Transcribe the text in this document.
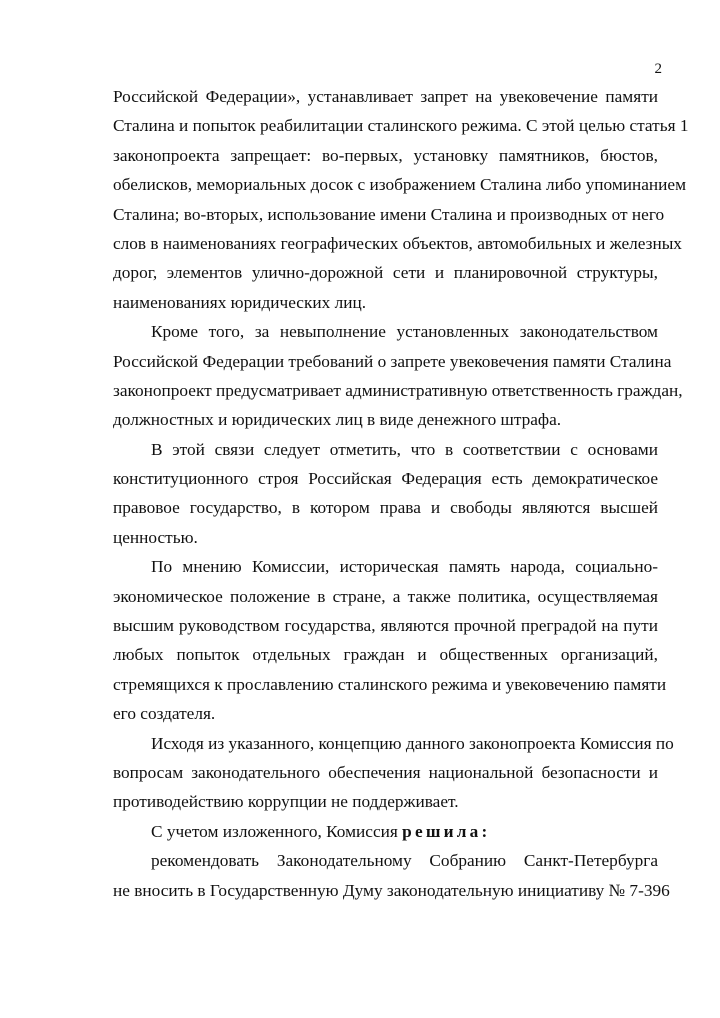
2
Российской Федерации», устанавливает запрет на увековечение памяти
Сталина и попыток реабилитации сталинского режима. С этой целью статья 1
законопроекта запрещает: во-первых, установку памятников, бюстов,
обелисков, мемориальных досок с изображением Сталина либо упоминанием
Сталина; во-вторых, использование имени Сталина и производных от него
слов в наименованиях географических объектов, автомобильных и железных
дорог, элементов улично-дорожной сети и планировочной структуры,
наименованиях юридических лиц.
Кроме того, за невыполнение установленных законодательством
Российской Федерации требований о запрете увековечения памяти Сталина
законопроект предусматривает административную ответственность граждан,
должностных и юридических лиц в виде денежного штрафа.
В этой связи следует отметить, что в соответствии с основами
конституционного строя Российская Федерация есть демократическое
правовое государство, в котором права и свободы являются высшей
ценностью.
По мнению Комиссии, историческая память народа, социально-
экономическое положение в стране, а также политика, осуществляемая
высшим руководством государства, являются прочной преградой на пути
любых попыток отдельных граждан и общественных организаций,
стремящихся к прославлению сталинского режима и увековечению памяти
его создателя.
Исходя из указанного, концепцию данного законопроекта Комиссия по
вопросам законодательного обеспечения национальной безопасности и
противодействию коррупции не поддерживает.
С учетом изложенного, Комиссия решила:
рекомендовать Законодательному Собранию Санкт-Петербурга
не вносить в Государственную Думу законодательную инициативу № 7-396
